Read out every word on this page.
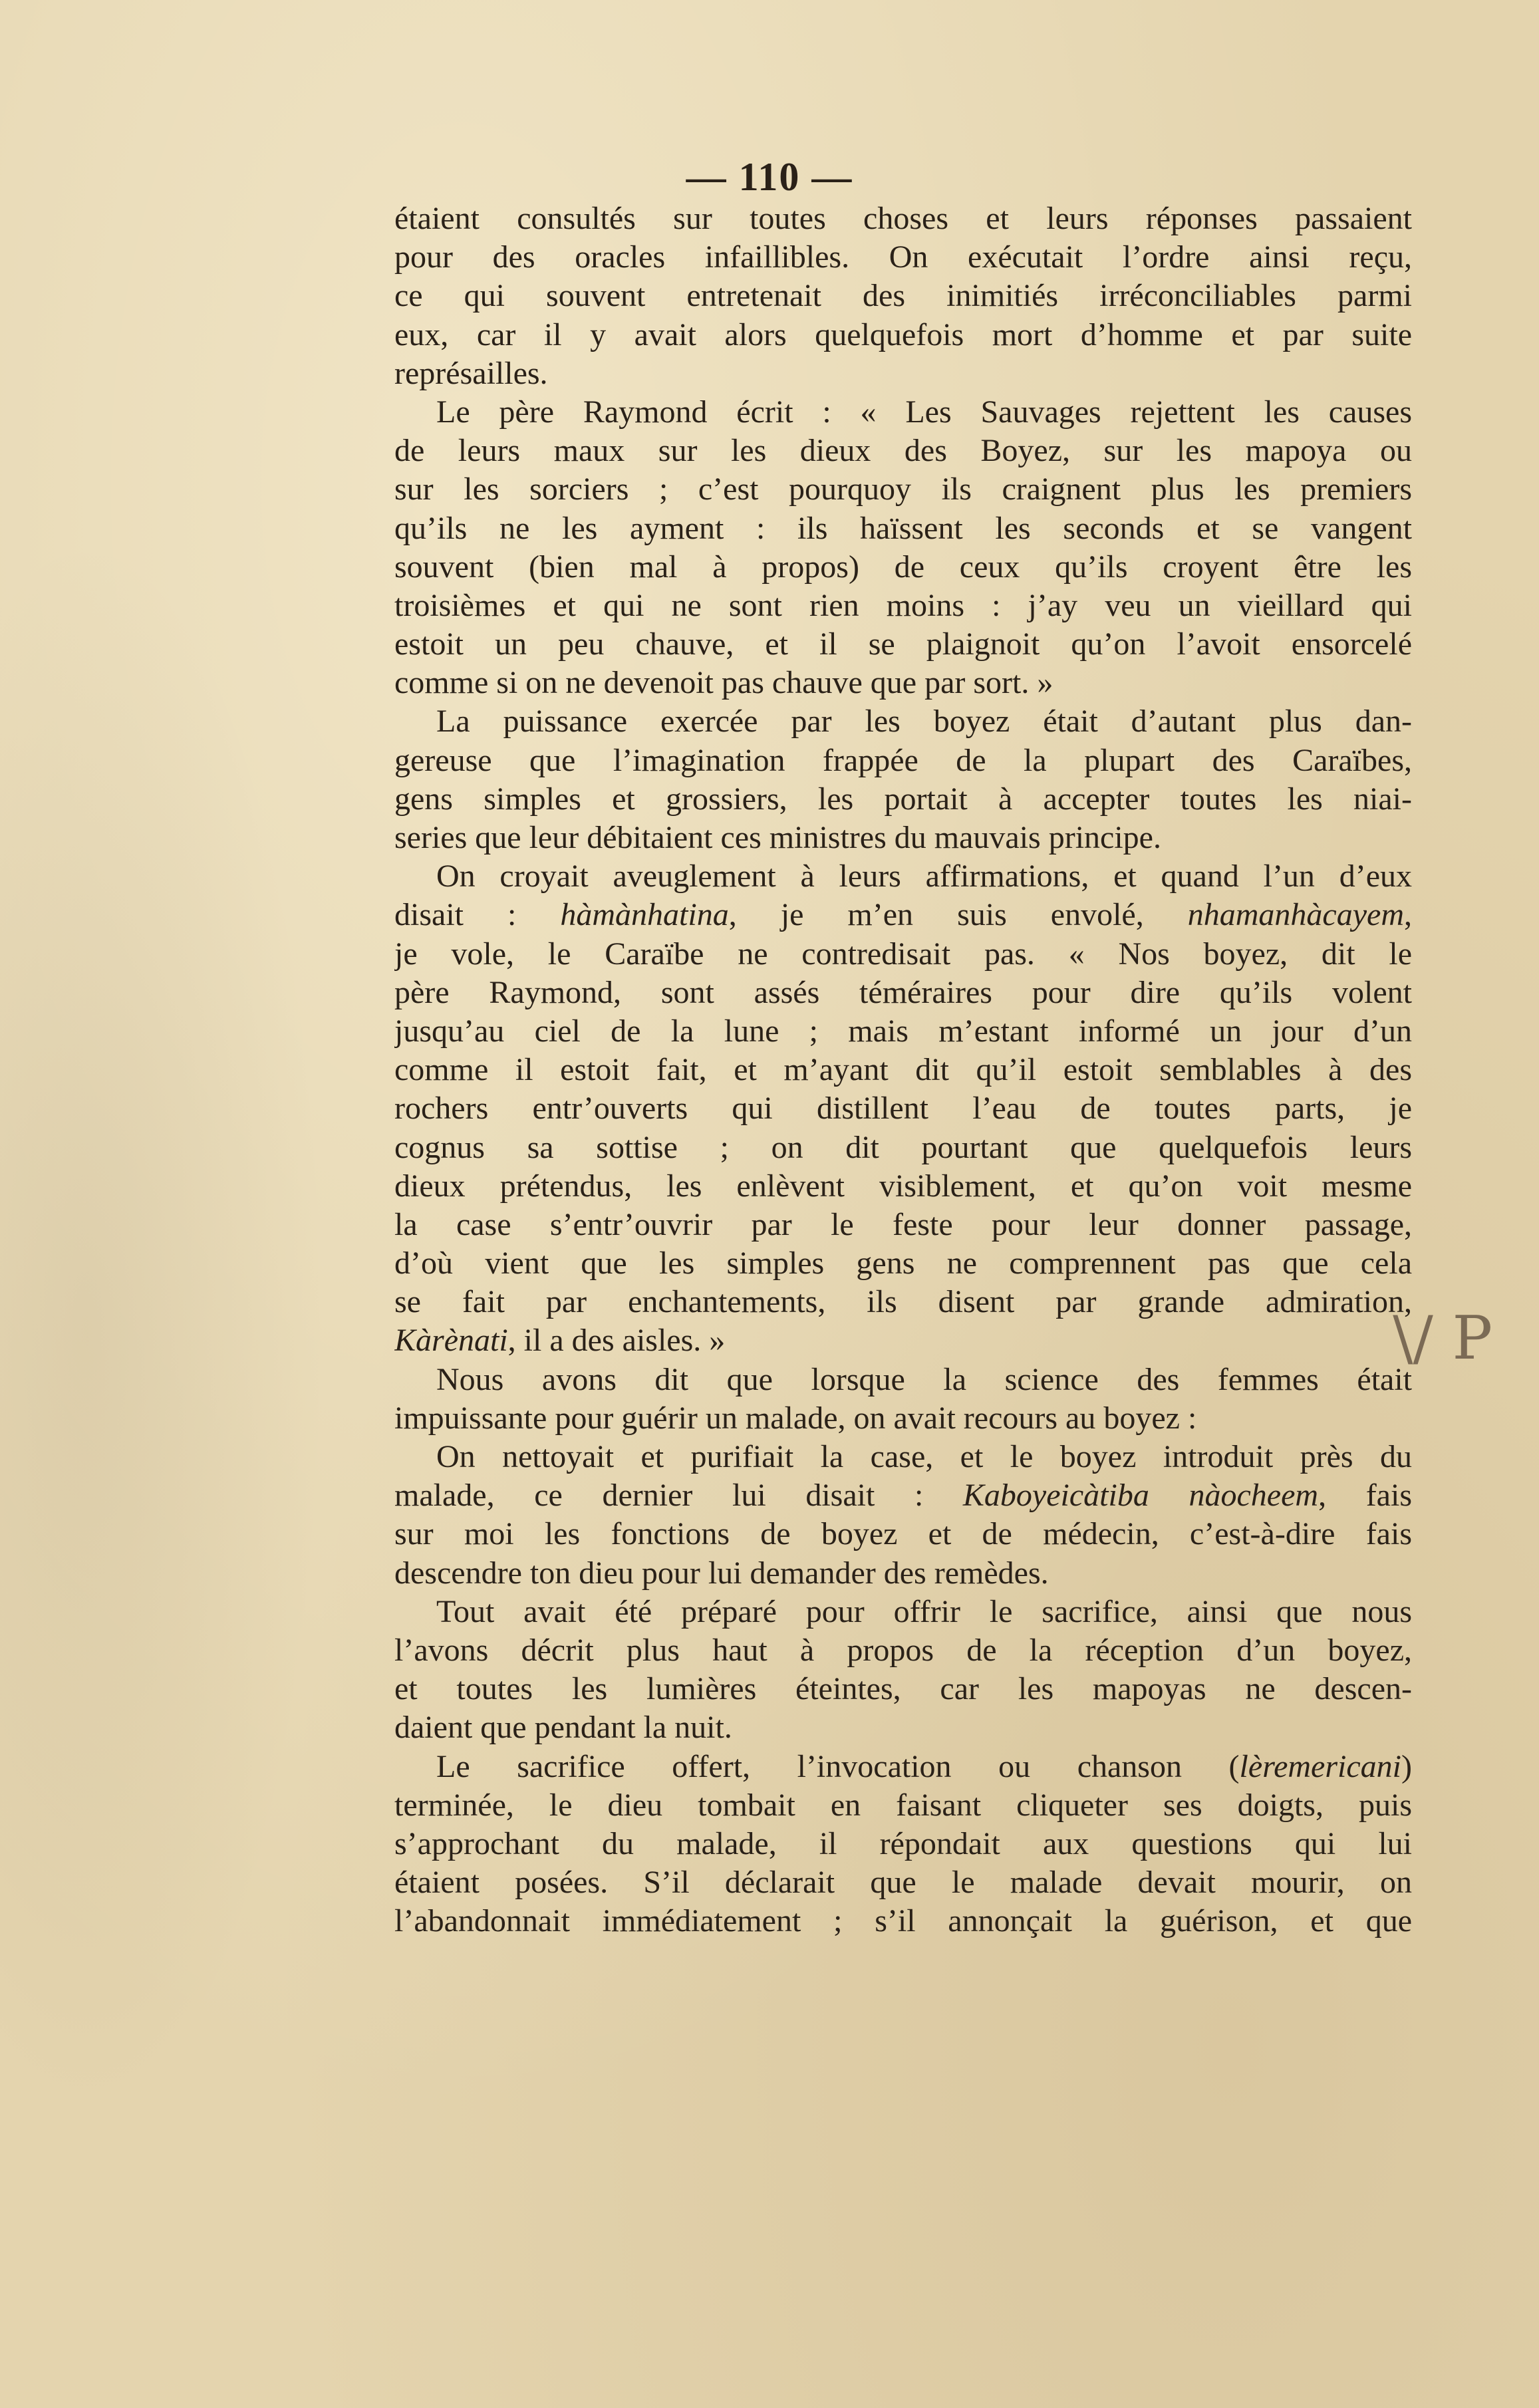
— 110 —
étaient consultés sur toutes choses et leurs réponses passaient
pour des oracles infaillibles. On exécutait l’ordre ainsi reçu,
ce qui souvent entretenait des inimitiés irréconciliables parmi
eux, car il y avait alors quelquefois mort d’homme et par suite
représailles.
Le père Raymond écrit : « Les Sauvages rejettent les causes
de leurs maux sur les dieux des Boyez, sur les mapoya ou
sur les sorciers ; c’est pourquoy ils craignent plus les premiers
qu’ils ne les ayment : ils haïssent les seconds et se vangent
souvent (bien mal à propos) de ceux qu’ils croyent être les
troisièmes et qui ne sont rien moins : j’ay veu un vieillard qui
estoit un peu chauve, et il se plaignoit qu’on l’avoit ensorcelé
comme si on ne devenoit pas chauve que par sort. »
La puissance exercée par les boyez était d’autant plus dan-
gereuse que l’imagination frappée de la plupart des Caraïbes,
gens simples et grossiers, les portait à accepter toutes les niai-
series que leur débitaient ces ministres du mauvais principe.
On croyait aveuglement à leurs affirmations, et quand l’un d’eux
disait : hàmànhatina, je m’en suis envolé, nhamanhàcayem,
je vole, le Caraïbe ne contredisait pas. « Nos boyez, dit le
père Raymond, sont assés téméraires pour dire qu’ils volent
jusqu’au ciel de la lune ; mais m’estant informé un jour d’un
comme il estoit fait, et m’ayant dit qu’il estoit semblables à des
rochers entr’ouverts qui distillent l’eau de toutes parts, je
cognus sa sottise ; on dit pourtant que quelquefois leurs
dieux prétendus, les enlèvent visiblement, et qu’on voit mesme
la case s’entr’ouvrir par le feste pour leur donner passage,
d’où vient que les simples gens ne comprennent pas que cela
se fait par enchantements, ils disent par grande admiration,
Kàrènati, il a des aisles. »
Nous avons dit que lorsque la science des femmes était
impuissante pour guérir un malade, on avait recours au boyez :
On nettoyait et purifiait la case, et le boyez introduit près du
malade, ce dernier lui disait : Kaboyeicàtiba nàocheem, fais
sur moi les fonctions de boyez et de médecin, c’est-à-dire fais
descendre ton dieu pour lui demander des remèdes.
Tout avait été préparé pour offrir le sacrifice, ainsi que nous
l’avons décrit plus haut à propos de la réception d’un boyez,
et toutes les lumières éteintes, car les mapoyas ne descen-
daient que pendant la nuit.
Le sacrifice offert, l’invocation ou chanson (lèremericani)
terminée, le dieu tombait en faisant cliqueter ses doigts, puis
s’approchant du malade, il répondait aux questions qui lui
étaient posées. S’il déclarait que le malade devait mourir, on
l’abandonnait immédiatement ; s’il annonçait la guérison, et que
\/ P
